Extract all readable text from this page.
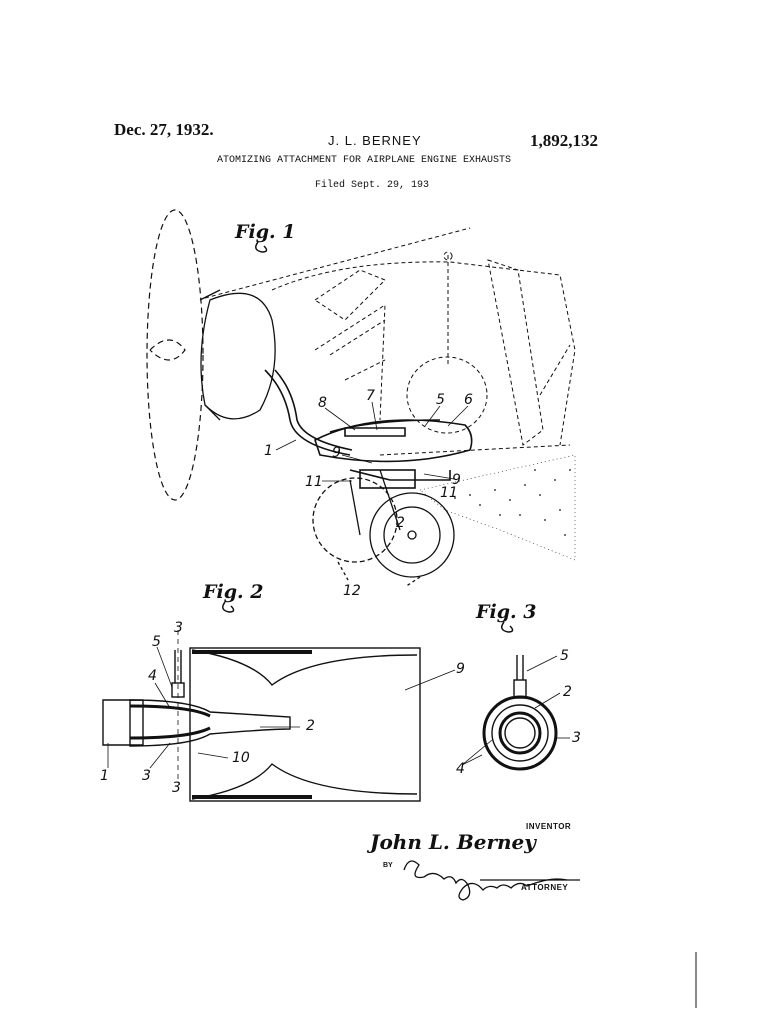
Dec. 27, 1932.
J. L. BERNEY	1,892,132
ATOMIZING ATTACHMENT FOR AIRPLANE ENGINE EXHAUSTS
Filed Sept. 29, 193
Fig. 1
8	7	5 6
1	9
11	9
11
2
12
Fig. 2
3
5
4
1 3
3
2
9
10
Fig. 3
5
2
3
4
INVENTOR
John L. Berney
BY
ATTORNEY
